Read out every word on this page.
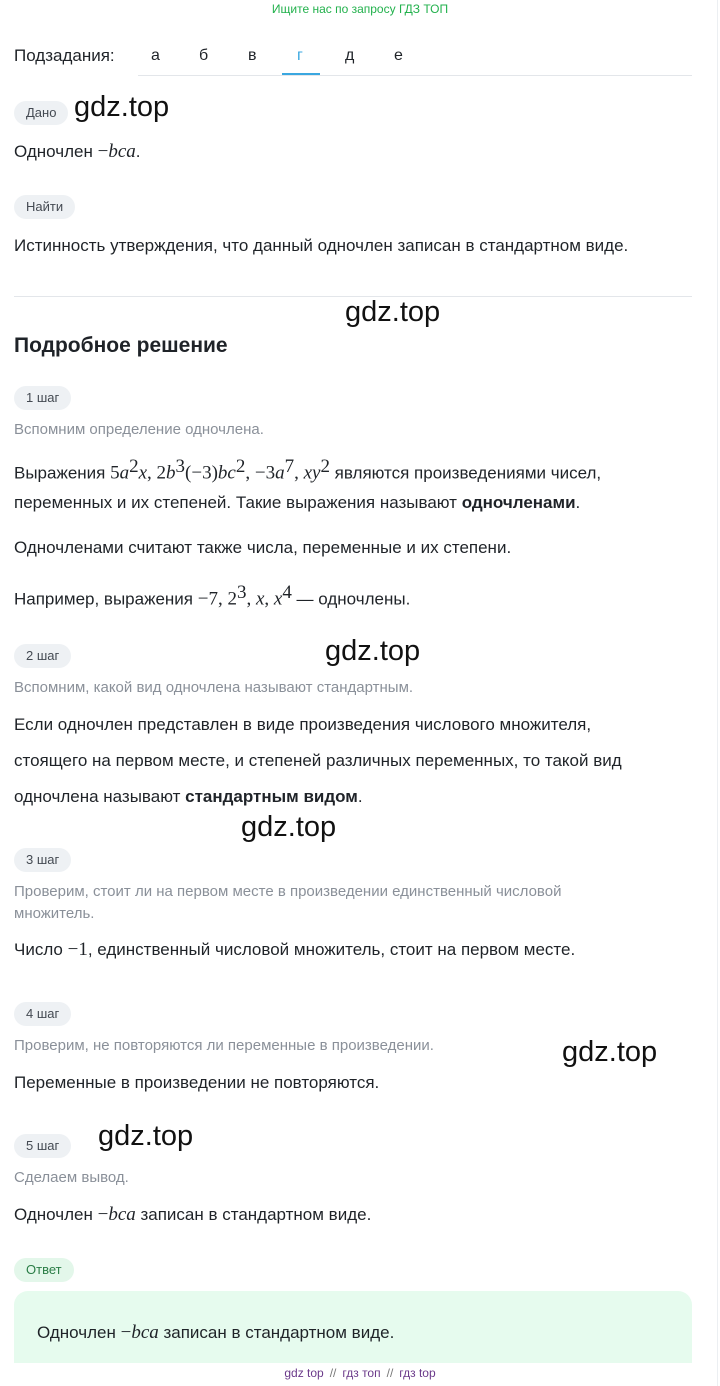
Ищите нас по запросу ГДЗ ТОП
Подзадания: а б в	г	д е
Дано gdz.top
Одночлен −bca.
Найти
Истинность утверждения, что данный одночлен записан в стандартном виде.
gdz.top
Подробное решение
1 шаг
Вспомним определение одночлена.
Выражения $5a^2x$, $2b^3(-3)bc^2$, $-3a^7$, $xy^2$ являются произведениями чисел,
переменных и их степеней. Такие выражения называют одночленами.
Одночленами считают также числа, переменные и их степени.
Например, выражения −7, $2^3$, x, $x^4$ — одночлены.
2 шаг	gdz.top
Вспомним, какой вид одночлена называют стандартным.
Если одночлен представлен в виде произведения числового множителя,
стоящего на первом месте, и степеней различных переменных, то такой вид
одночлена называют стандартным видом.
gdz.top
3 шаг
Проверим, стоит ли на первом месте в произведении единственный числовой
множитель.
Число −1, единственный числовой множитель, стоит на первом месте.
4 шаг
Проверим, не повторяются ли переменные в произведении.	gdz.top
Переменные в произведении не повторяются.
5 шаг	gdz.top
Сделаем вывод.
Одночлен −bca записан в стандартном виде.
Ответ
Одночлен −bca записан в стандартном виде.
gdz top // гдз топ // гдз top
